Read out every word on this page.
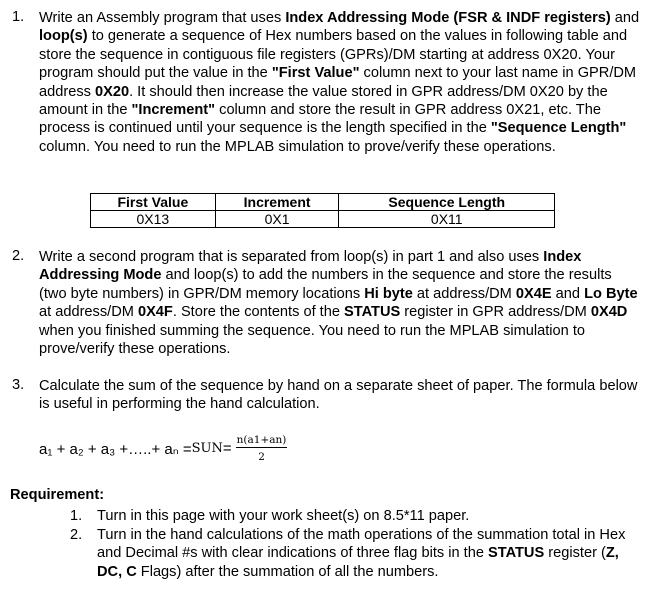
1.	Write an Assembly program that uses Index Addressing Mode (FSR & INDF registers) and loop(s) to generate a sequence of Hex numbers based on the values in following table and store the sequence in contiguous file registers (GPRs)/DM starting at address 0X20. Your program should put the value in the "First Value" column next to your last name in GPR/DM address 0X20. It should then increase the value stored in GPR address/DM 0X20 by the amount in the "Increment" column and store the result in GPR address 0X21, etc. The process is continued until your sequence is the length specified in the "Sequence Length" column. You need to run the MPLAB simulation to prove/verify these operations.
First Value	Increment	Sequence Length
0X13	0X1	0X11
2.	Write a second program that is separated from loop(s) in part 1 and also uses Index Addressing Mode and loop(s) to add the numbers in the sequence and store the results (two byte numbers) in GPR/DM memory locations Hi byte at address/DM 0X4E and Lo Byte at address/DM 0X4F. Store the contents of the STATUS register in GPR address/DM 0X4D when you finished summing the sequence. You need to run the MPLAB simulation to prove/verify these operations.
3.	Calculate the sum of the sequence by hand on a separate sheet of paper. The formula below is useful in performing the hand calculation.
a₁ + a₂ + a₃ +…..+ $a_n =SUN= \frac{n(a1+an)}{2}$
Requirement:
1. Turn in this page with your work sheet(s) on 8.5*11 paper.
2. Turn in the hand calculations of the math operations of the summation total in Hex and Decimal #s with clear indications of three flag bits in the STATUS register (Z, DC, C Flags) after the summation of all the numbers.
